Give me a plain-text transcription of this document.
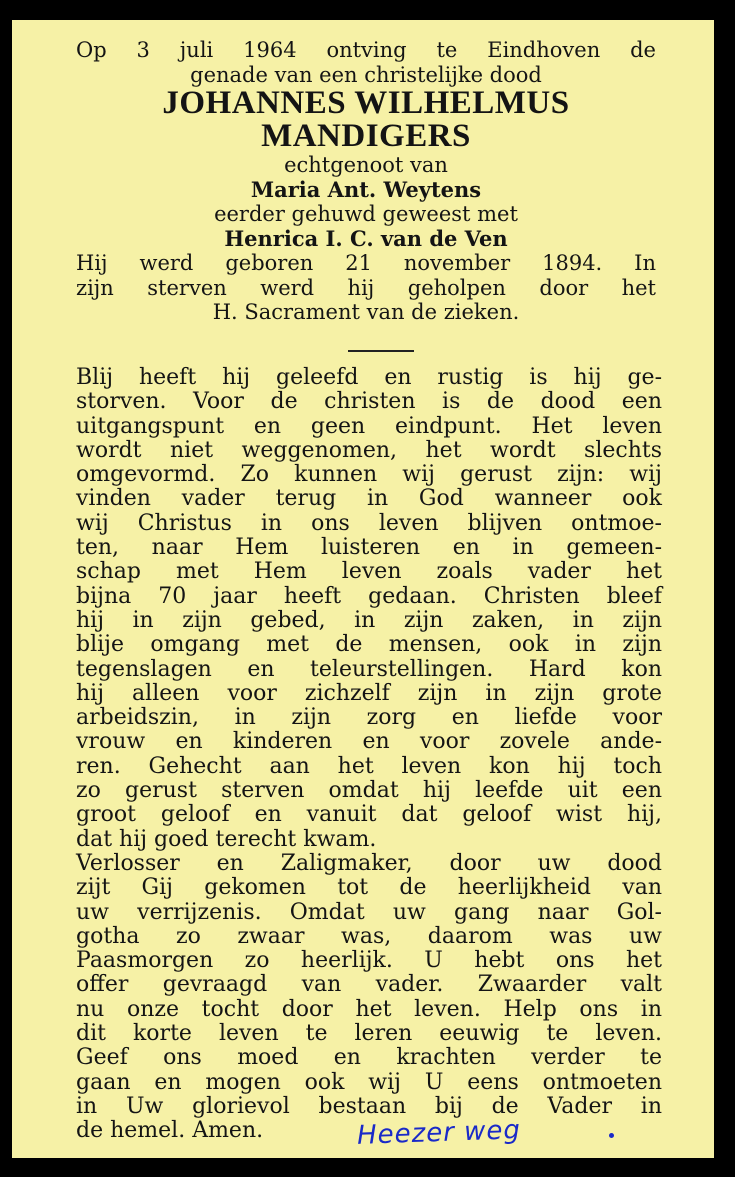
Op 3 juli 1964 ontving te Eindhoven de

genade van een christelijke dood

JOHANNES WILHELMUS

MANDIGERS

echtgenoot van

Maria Ant. Weytens

eerder gehuwd geweest met

Henrica I. C. van de Ven

Hij werd geboren 21 november 1894. In

zijn sterven werd hij geholpen door het

H. Sacrament van de zieken.

Blij heeft hij geleefd en rustig is hij ge-
storven. Voor de christen is de dood een
uitgangspunt en geen eindpunt. Het leven
wordt niet weggenomen, het wordt slechts
omgevormd. Zo kunnen wij gerust zijn: wij
vinden vader terug in God wanneer ook
wij Christus in ons leven blijven ontmoe-
ten, naar Hem luisteren en in gemeen-
schap met Hem leven zoals vader het
bijna 70 jaar heeft gedaan. Christen bleef
hij in zijn gebed, in zijn zaken, in zijn
blije omgang met de mensen, ook in zijn
tegenslagen en teleurstellingen. Hard kon
hij alleen voor zichzelf zijn in zijn grote
arbeidszin, in zijn zorg en liefde voor
vrouw en kinderen en voor zovele ande-
ren. Gehecht aan het leven kon hij toch
zo gerust sterven omdat hij leefde uit een
groot geloof en vanuit dat geloof wist hij,
dat hij goed terecht kwam.
Verlosser en Zaligmaker, door uw dood
zijt Gij gekomen tot de heerlijkheid van
uw verrijzenis. Omdat uw gang naar Gol-
gotha zo zwaar was, daarom was uw
Paasmorgen zo heerlijk. U hebt ons het
offer gevraagd van vader. Zwaarder valt
nu onze tocht door het leven. Help ons in
dit korte leven te leren eeuwig te leven.
Geef ons moed en krachten verder te
gaan en mogen ook wij U eens ontmoeten
in Uw glorievol bestaan bij de Vader in
de hemel. Amen.	Heezer weg
